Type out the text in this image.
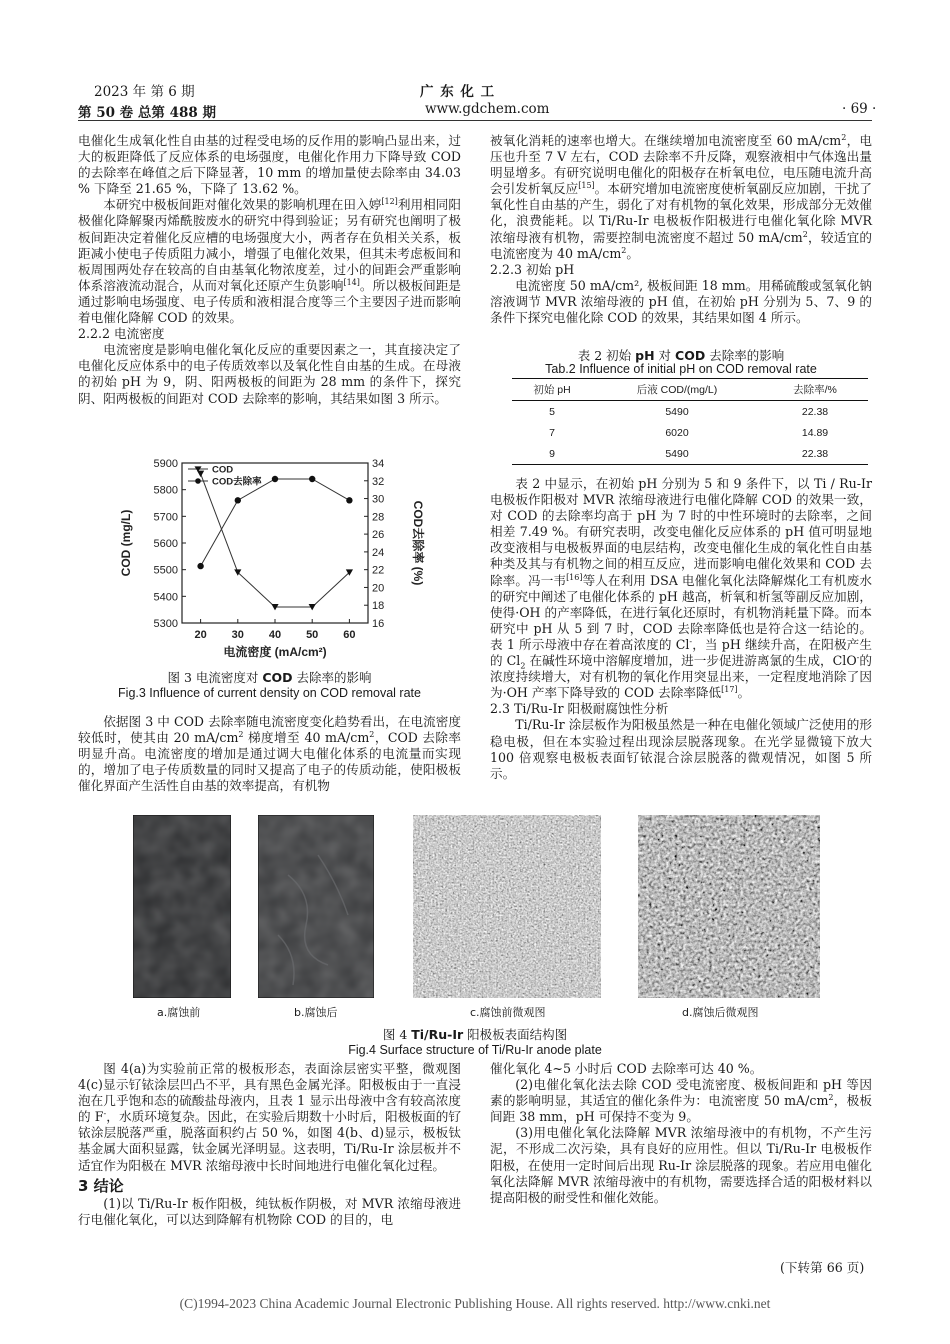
2023 年 第 6 期
第 50 卷 总第 488 期
广 东 化 工
www.gdchem.com	· 69 ·

电催化生成氧化性自由基的过程受电场的反作用的影响凸显出来，过大的板距降低了反应体系的电场强度，电催化作用力下降导致 COD 的去除率在峰值之后下降显著，10 mm 的增加量使去除率由 34.03 % 下降至 21.65 %，下降了 13.62 %。

本研究中极板间距对催化效果的影响机理在田入婷[12]利用相同阳极催化降解聚丙烯酰胺废水的研究中得到验证；另有研究也阐明了极板间距决定着催化反应槽的电场强度大小，两者存在负相关关系，板距减小使电子传质阻力减小，增强了电催化效果，但其未考虑板间和板周围两处存在较高的自由基氧化物浓度差，过小的间距会严重影响体系溶液流动混合，从而对氧化还原产生负影响[14]。所以极板间距是通过影响电场强度、电子传质和液相混合度等三个主要因子进而影响着电催化降解 COD 的效果。

2.2.2 电流密度

电流密度是影响电催化氧化反应的重要因素之一，其直接决定了电催化反应体系中的电子传质效率以及氧化性自由基的生成。在母液的初始 pH 为 9，阴、阳两极板的间距为 28 mm 的条件下，探究阴、阳两极板的间距对 COD 去除率的影响，其结果如图 3 所示。

5300
5400
5500
5600
5700
5800
5900
16
18
20
22
24
26
28
30
32
34
20 30 40 50 60
电流密度 (mA/cm²)
COD (mg/L)	COD去除率 (%)
COD
COD去除率
图 3 电流密度对 COD 去除率的影响
Fig.3 Influence of current density on COD removal rate

依据图 3 中 COD 去除率随电流密度变化趋势看出，在电流密度较低时，使其由 20 $mA/cm^2$ 梯度增至 40 $mA/cm^2$，COD 去除率明显升高。电流密度的增加是通过调大电催化体系的电流量而实现的，增加了电子传质数量的同时又提高了电子的传质动能，使阳极板催化界面产生活性自由基的效率提高，有机物

被氧化消耗的速率也增大。在继续增加电流密度至 60 $mA/cm^2$，电压也升至 7 V 左右，COD 去除率不升反降，观察液相中气体逸出量明显增多。有研究说明电催化的阳极存在析氧电位，电压随电流升高会引发析氧反应[15]。本研究增加电流密度使析氧副反应加剧，干扰了氧化性自由基的产生，弱化了对有机物的氧化效果，形成部分无效催化，浪费能耗。以 Ti/Ru-Ir 电极板作阳极进行电催化氧化除 MVR 浓缩母液有机物，需要控制电流密度不超过 50 $mA/cm^2$，较适宜的电流密度为 40 $mA/cm^2$。

2.2.3 初始 pH

电流密度 50 mA/cm², 极板间距 18 mm。用稀硫酸或氢氧化钠溶液调节 MVR 浓缩母液的 pH 值，在初始 pH 分别为 5、7、9 的条件下探究电催化除 COD 的效果，其结果如图 4 所示。

表 2 初始 pH 对 COD 去除率的影响
Tab.2 Influence of initial pH on COD removal rate
初始 pH	后液 COD/(mg/L)	去除率/%
5	5490	22.38
7	6020	14.89
9	5490	22.38

表 2 中显示，在初始 pH 分别为 5 和 9 条件下，以 Ti / Ru-Ir 电极板作阳极对 MVR 浓缩母液进行电催化降解 COD 的效果一致，对 COD 的去除率均高于 pH 为 7 时的中性环境时的去除率，之间相差 7.49 %。有研究表明，改变电催化反应体系的 pH 值可明显地改变液相与电极板界面的电层结构，改变电催化生成的氧化性自由基种类及其与有机物之间的相互反应，进而影响电催化效果和 COD 去除率。冯一韦[16]等人在利用 DSA 电催化氧化法降解煤化工有机废水的研究中阐述了电催化体系的 pH 越高，析氧和析氢等副反应加剧，使得·OH 的产率降低，在进行氧化还原时，有机物消耗量下降。而本研究中 pH 从 5 到 7 时，COD 去除率降低也是符合这一结论的。表 1 所示母液中存在着高浓度的 Cl-，当 pH 继续升高，在阳极产生的 $Cl_2$ 在碱性环境中溶解度增加，进一步促进游离氯的生成，ClO-的浓度持续增大，对有机物的氧化作用突显出来，一定程度地消除了因为·OH 产率下降导致的 COD 去除率降低[17]。

2.3 Ti/Ru-Ir 阳极耐腐蚀性分析

Ti/Ru-Ir 涂层板作为阳极虽然是一种在电催化领域广泛使用的形稳电极，但在本实验过程出现涂层脱落现象。在光学显微镜下放大 100 倍观察电极板表面钌铱混合涂层脱落的微观情况，如图 5 所示。

a.腐蚀前	b.腐蚀后	c.腐蚀前微观图	d.腐蚀后微观图
图 4 Ti/Ru-Ir 阳极板表面结构图
Fig.4 Surface structure of Ti/Ru-Ir anode plate

图 4(a)为实验前正常的极板形态，表面涂层密实平整，微观图 4(c)显示钌铱涂层凹凸不平，具有黑色金属光泽。阳极板由于一直浸泡在几乎饱和态的硫酸盐母液内，且表 1 显示出母液中含有较高浓度的 F-，水质环境复杂。因此，在实验后期数十小时后，阳极板面的钌铱涂层脱落严重，脱落面积约占 50 %，如图 4(b、d)显示，极板钛基金属大面积显露，钛金属光泽明显。这表明，Ti/Ru-Ir 涂层板并不适宜作为阳极在 MVR 浓缩母液中长时间地进行电催化氧化过程。

3 结论

(1)以 Ti/Ru-Ir 板作阳极，纯钛板作阴极，对 MVR 浓缩母液进行电催化氧化，可以达到降解有机物除 COD 的目的，电

催化氧化 4~5 小时后 COD 去除率可达 40 %。

(2)电催化氧化法去除 COD 受电流密度、极板间距和 pH 等因素的影响明显，其适宜的催化条件为：电流密度 50 $mA/cm^2$，极板间距 38 mm，pH 可保持不变为 9。

(3)用电催化氧化法降解 MVR 浓缩母液中的有机物，不产生污泥，不形成二次污染，具有良好的应用性。但以 Ti/Ru-Ir 电极板作阳极，在使用一定时间后出现 Ru-Ir 涂层脱落的现象。若应用电催化氧化法降解 MVR 浓缩母液中的有机物，需要选择合适的阳极材料以提高阳极的耐受性和催化效能。

(下转第 66 页)
(C)1994-2023 China Academic Journal Electronic Publishing House. All rights reserved. http://www.cnki.net
